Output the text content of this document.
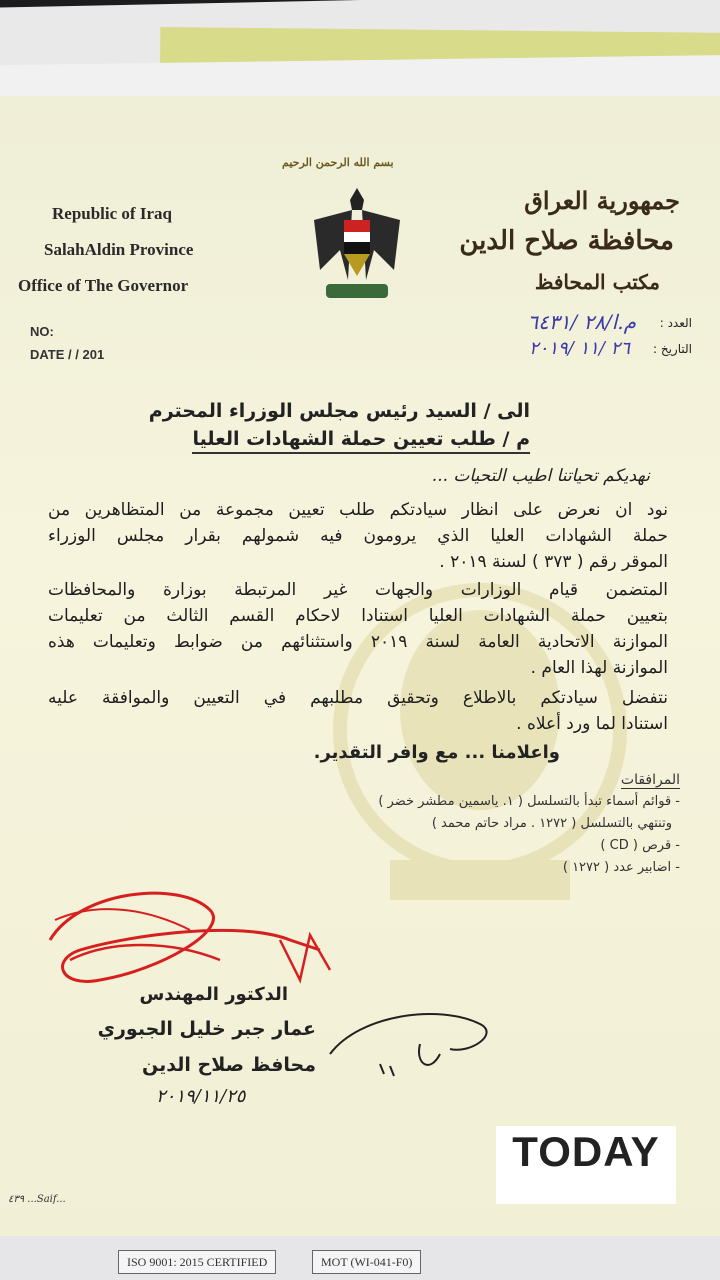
بسم الله الرحمن الرحيم
Republic of Iraq
SalahAldin Province
Office of The Governor
NO:
DATE / / 201
جمهورية العراق
محافظة صلاح الدين
مكتب المحافظ
العدد :
م.ا/٢٨ /٦٤٣١
التاريخ :
٢٦ /١١ /٢٠١٩
الى / السيد رئيس مجلس الوزراء المحترم
م / طلب تعيين حملة الشهادات العليا
نهديكم تحياتنا اطيب التحيات ...
نود ان نعرض على انظار سيادتكم طلب تعيين مجموعة من المتظاهرين من
حملة الشهادات العليا الذي يرومون فيه شمولهم بقرار مجلس الوزراء
الموقر رقم ( ٣٧٣ ) لسنة ٢٠١٩ .
المتضمن قيام الوزارات والجهات غير المرتبطة بوزارة والمحافظات
بتعيين حملة الشهادات العليا استنادا لاحكام القسم الثالث من تعليمات
الموازنة الاتحادية العامة لسنة ٢٠١٩ واستثنائهم من ضوابط وتعليمات هذه
الموازنة لهذا العام .
نتفضل سيادتكم بالاطلاع وتحقيق مطلبهم في التعيين والموافقة عليه
استنادا لما ورد أعلاه .
واعلامنا ... مع وافر التقدير.
المرافقات
- قوائم أسماء تبدأ بالتسلسل ( ١. ياسمين مطشر خضر )
وتنتهي بالتسلسل ( ١٢٧٢ . مراد حاتم محمد )
- قرص ( CD )
- اضابير عدد ( ١٢٧٢ )
الدكتور المهندس
عمار جبر خليل الجبوري
محافظ صلاح الدين
٢٠١٩/١١/٢٥
٤٣٩ ...Saif...
TODAY
NEWS تودي نيوز
ISO 9001: 2015 CERTIFIED	MOT (WI-041-F0)
